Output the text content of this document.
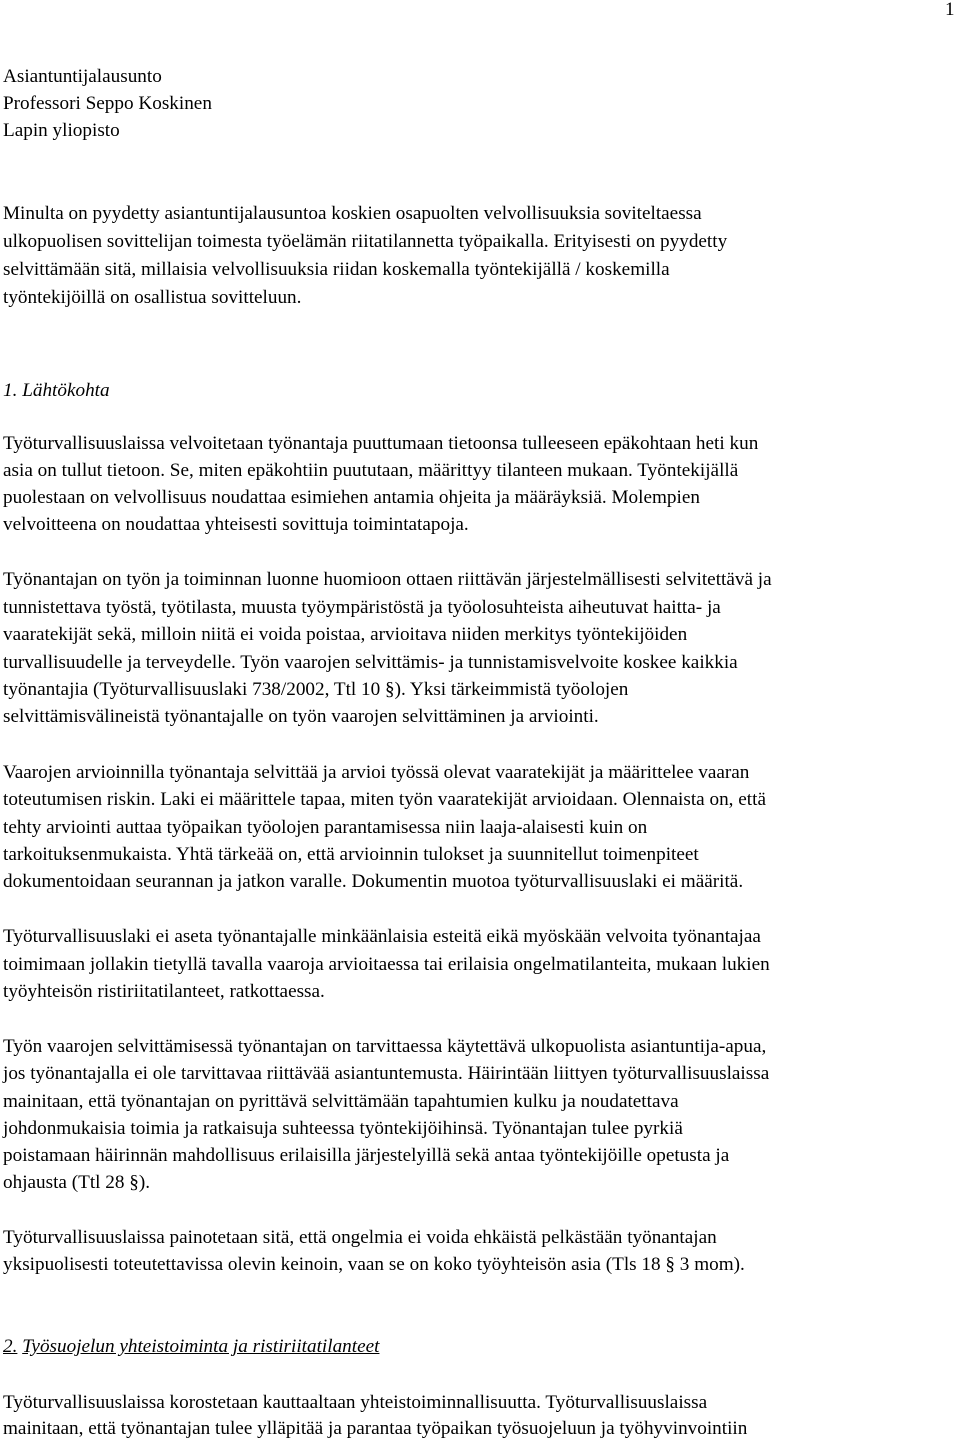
1
Asiantuntijalausunto
Professori Seppo Koskinen
Lapin yliopisto
Minulta on pyydetty asiantuntijalausuntoa koskien osapuolten velvollisuuksia soviteltaessa
ulkopuolisen sovittelijan toimesta työelämän riitatilannetta työpaikalla. Erityisesti on pyydetty
selvittämään sitä, millaisia velvollisuuksia riidan koskemalla työntekijällä / koskemilla
työntekijöillä on osallistua sovitteluun.
1. Lähtökohta
Työturvallisuuslaissa velvoitetaan työnantaja puuttumaan tietoonsa tulleeseen epäkohtaan heti kun
asia on tullut tietoon. Se, miten epäkohtiin puututaan, määrittyy tilanteen mukaan. Työntekijällä
puolestaan on velvollisuus noudattaa esimiehen antamia ohjeita ja määräyksiä. Molempien
velvoitteena on noudattaa yhteisesti sovittuja toimintatapoja.
Työnantajan on työn ja toiminnan luonne huomioon ottaen riittävän järjestelmällisesti selvitettävä ja
tunnistettava työstä, työtilasta, muusta työympäristöstä ja työolosuhteista aiheutuvat haitta- ja
vaaratekijät sekä, milloin niitä ei voida poistaa, arvioitava niiden merkitys työntekijöiden
turvallisuudelle ja terveydelle. Työn vaarojen selvittämis- ja tunnistamisvelvoite koskee kaikkia
työnantajia (Työturvallisuuslaki 738/2002, Ttl 10 §). Yksi tärkeimmistä työolojen
selvittämisvälineistä työnantajalle on työn vaarojen selvittäminen ja arviointi.
Vaarojen arvioinnilla työnantaja selvittää ja arvioi työssä olevat vaaratekijät ja määrittelee vaaran
toteutumisen riskin. Laki ei määrittele tapaa, miten työn vaaratekijät arvioidaan. Olennaista on, että
tehty arviointi auttaa työpaikan työolojen parantamisessa niin laaja-alaisesti kuin on
tarkoituksenmukaista. Yhtä tärkeää on, että arvioinnin tulokset ja suunnitellut toimenpiteet
dokumentoidaan seurannan ja jatkon varalle. Dokumentin muotoa työturvallisuuslaki ei määritä.
Työturvallisuuslaki ei aseta työnantajalle minkäänlaisia esteitä eikä myöskään velvoita työnantajaa
toimimaan jollakin tietyllä tavalla vaaroja arvioitaessa tai erilaisia ongelmatilanteita, mukaan lukien
työyhteisön ristiriitatilanteet, ratkottaessa.
Työn vaarojen selvittämisessä työnantajan on tarvittaessa käytettävä ulkopuolista asiantuntija-apua,
jos työnantajalla ei ole tarvittavaa riittävää asiantuntemusta. Häirintään liittyen työturvallisuuslaissa
mainitaan, että työnantajan on pyrittävä selvittämään tapahtumien kulku ja noudatettava
johdonmukaisia toimia ja ratkaisuja suhteessa työntekijöihinsä. Työnantajan tulee pyrkiä
poistamaan häirinnän mahdollisuus erilaisilla järjestelyillä sekä antaa työntekijöille opetusta ja
ohjausta (Ttl 28 §).
Työturvallisuuslaissa painotetaan sitä, että ongelmia ei voida ehkäistä pelkästään työnantajan
yksipuolisesti toteutettavissa olevin keinoin, vaan se on koko työyhteisön asia (Tls 18 § 3 mom).
2. Työsuojelun yhteistoiminta ja ristiriitatilanteet
Työturvallisuuslaissa korostetaan kauttaaltaan yhteistoiminnallisuutta. Työturvallisuuslaissa
mainitaan, että työnantajan tulee ylläpitää ja parantaa työpaikan työsuojeluun ja työhyvinvointiin
